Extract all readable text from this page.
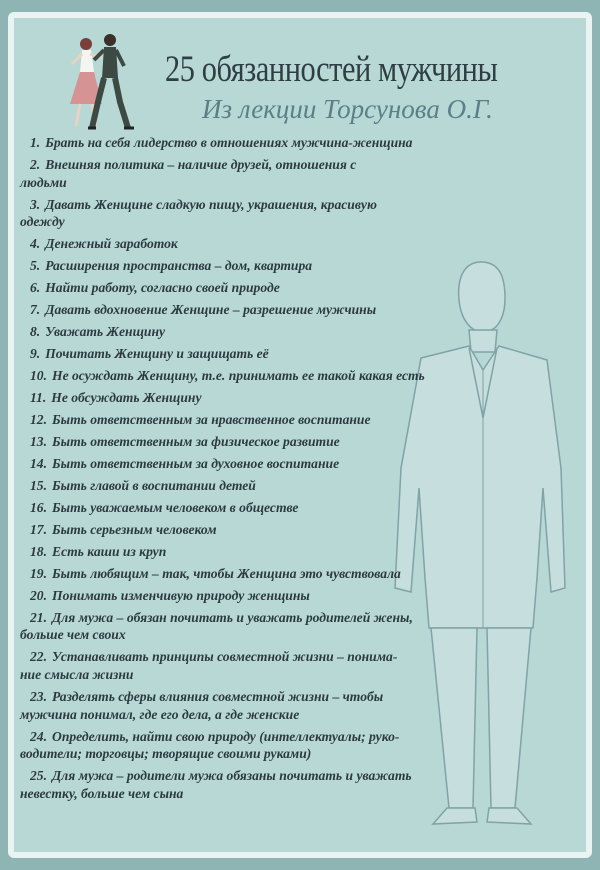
25 обязанностей мужчины
Из лекции Торсунова О.Г.
1. Брать на себя лидерство в отношениях мужчина-женщина
2. Внешняя политика – наличие друзей, отношения с
людьми
3. Давать Женщине сладкую пищу, украшения, красивую
одежду
4. Денежный заработок
5. Расширения пространства – дом, квартира
6. Найти работу, согласно своей природе
7. Давать вдохновение Женщине – разрешение мужчины
8. Уважать Женщину
9. Почитать Женщину и защищать её
10. Не осуждать Женщину, т.е. принимать ее такой какая есть
11. Не обсуждать Женщину
12. Быть ответственным за нравственное воспитание
13. Быть ответственным за физическое развитие
14. Быть ответственным за духовное воспитание
15. Быть главой в воспитании детей
16. Быть уважаемым человеком в обществе
17. Быть серьезным человеком
18. Есть каши из круп
19. Быть любящим – так, чтобы Женщина это чувствовала
20. Понимать изменчивую природу женщины
21. Для мужа – обязан почитать и уважать родителей жены,
больше чем своих
22. Устанавливать принципы совместной жизни – понима-
ние смысла жизни
23. Разделять сферы влияния совместной жизни – чтобы
мужчина понимал, где его дела, а где женские
24. Определить, найти свою природу (интеллектуалы; руко-
водители; торговцы; творящие своими руками)
25. Для мужа – родители мужа обязаны почитать и уважать
невестку, больше чем сына
